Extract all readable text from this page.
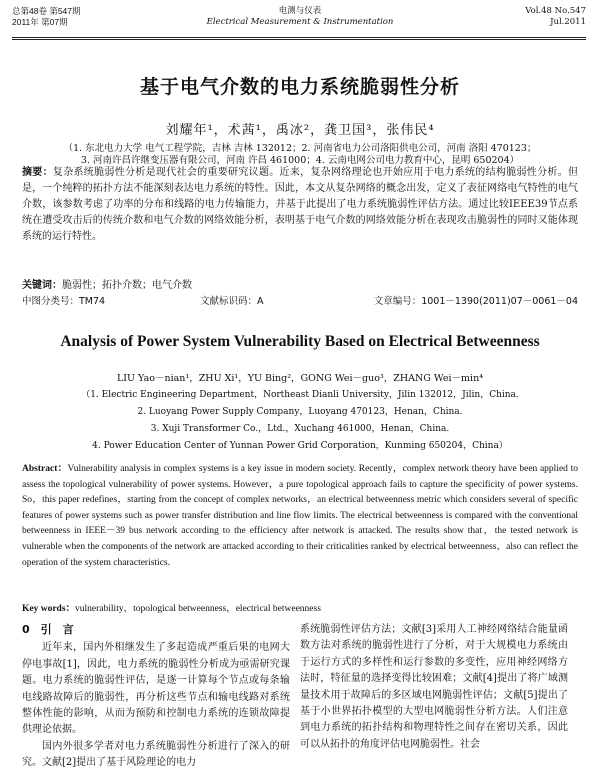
总第48卷 第547期
2011年 第07期
电测与仪表
Electrical Measurement & Instrumentation
Vol.48 No.547
Jul.2011
基于电气介数的电力系统脆弱性分析
刘耀年¹，术茜¹，禹冰²，龚卫国³，张伟民⁴
（1. 东北电力大学 电气工程学院，吉林 吉林 132012；2. 河南省电力公司洛阳供电公司，河南 洛阳 470123；
3. 河南许昌许继变压器有限公司，河南 许昌 461000；4. 云南电网公司电力教育中心，昆明 650204）
摘要：复杂系统脆弱性分析是现代社会的重要研究议题。近来，复杂网络理论也开始应用于电力系统的结构脆弱性分析。但是，一个纯粹的拓扑方法不能深刻表达电力系统的特性。因此，本文从复杂网络的概念出发，定义了表征网络电气特性的电气介数，该参数考虑了功率的分布和线路的电力传输能力，并基于此提出了电力系统脆弱性评估方法。通过比较IEEE39节点系统在遭受攻击后的传统介数和电气介数的网络效能分析，表明基于电气介数的网络效能分析在表现攻击脆弱性的同时又能体现系统的运行特性。
关键词：脆弱性；拓扑介数；电气介数
中图分类号：TM74	文献标识码：A	文章编号：1001－1390(2011)07－0061－04
Analysis of Power System Vulnerability Based on Electrical Betweenness
LIU Yao－nian¹，ZHU Xi¹，YU Bing²，GONG Wei－guo³，ZHANG Wei－min⁴
（1. Electric Engineering Department，Northeast Dianli University，Jilin 132012，Jilin，China.
2. Luoyang Power Supply Company，Luoyang 470123，Henan，China.
3. Xuji Transformer Co.，Ltd.，Xuchang 461000，Henan，China.
4. Power Education Center of Yunnan Power Grid Corporation，Kunming 650204，China）
Abstract：Vulnerability analysis in complex systems is a key issue in modern society. Recently，complex network theory have been applied to assess the topological vulnerability of power systems. However，a pure topological approach fails to capture the specificity of power systems. So，this paper redefines，starting from the concept of complex networks，an electrical betweenness metric which considers several of specific features of power systems such as power transfer distribution and line flow limits. The electrical betweenness is compared with the conventional betweenness in IEEE－39 bus network according to the efficiency after network is attacked. The results show that，the tested network is vulnerable when the components of the network are attacked according to their criticalities ranked by electrical betweenness，also can reflect the operation of the system characteristics.
Key words：vulnerability，topological betweenness，electrical betweenness
0　引　言

近年来，国内外相继发生了多起造成严重后果的电网大停电事故[1]，因此，电力系统的脆弱性分析成为亟需研究课题。电力系统的脆弱性评估，是逐一计算每个节点或每条输电线路故障后的脆弱性，再分析这些节点和输电线路对系统整体性能的影响，从而为预防和控制电力系统的连锁故障提供理论依据。

国内外很多学者对电力系统脆弱性分析进行了深入的研究。文献[2]提出了基于风险理论的电力

系统脆弱性评估方法；文献[3]采用人工神经网络结合能量函数方法对系统的脆弱性进行了分析，对于大规模电力系统由于运行方式的多样性和运行参数的多变性，应用神经网络方法时，特征量的选择变得比较困难；文献[4]提出了将广域测量技术用于故障后的多区域电网脆弱性评估；文献[5]提出了基于小世界拓扑模型的大型电网脆弱性分析方法。人们注意到电力系统的拓扑结构和物理特性之间存在密切关系，因此可以从拓扑的角度评估电网脆弱性。社会
